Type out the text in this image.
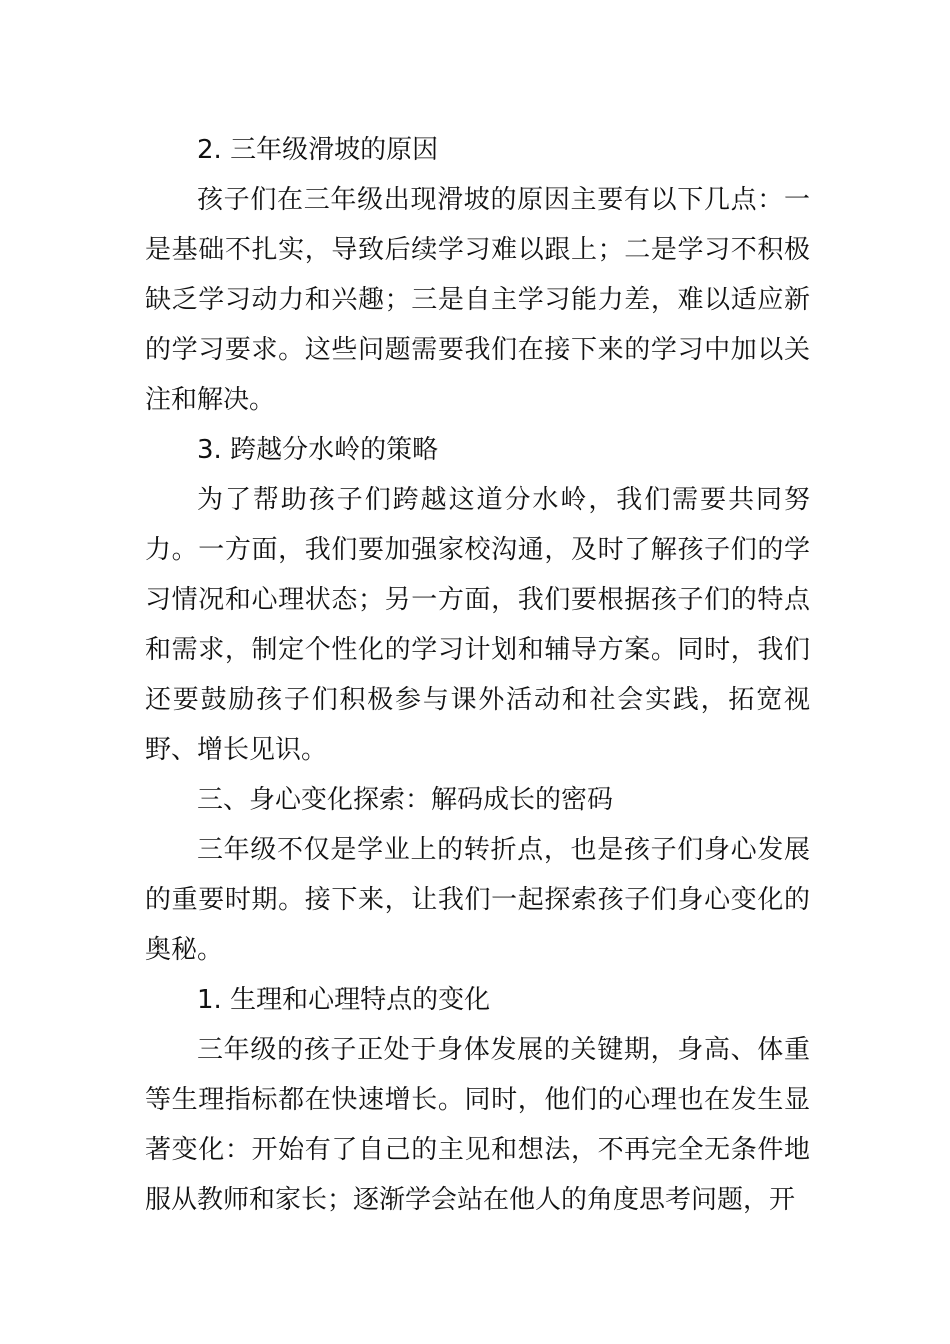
2. 三年级滑坡的原因

孩子们在三年级出现滑坡的原因主要有以下几点：一是基础不扎实，导致后续学习难以跟上；二是学习不积极缺乏学习动力和兴趣；三是自主学习能力差，难以适应新的学习要求。这些问题需要我们在接下来的学习中加以关注和解决。

3. 跨越分水岭的策略

为了帮助孩子们跨越这道分水岭，我们需要共同努力。一方面，我们要加强家校沟通，及时了解孩子们的学习情况和心理状态；另一方面，我们要根据孩子们的特点和需求，制定个性化的学习计划和辅导方案。同时，我们还要鼓励孩子们积极参与课外活动和社会实践，拓宽视野、增长见识。

三、身心变化探索：解码成长的密码

三年级不仅是学业上的转折点，也是孩子们身心发展的重要时期。接下来，让我们一起探索孩子们身心变化的奥秘。

1. 生理和心理特点的变化

三年级的孩子正处于身体发展的关键期，身高、体重等生理指标都在快速增长。同时，他们的心理也在发生显著变化：开始有了自己的主见和想法，不再完全无条件地服从教师和家长；逐渐学会站在他人的角度思考问题，开
